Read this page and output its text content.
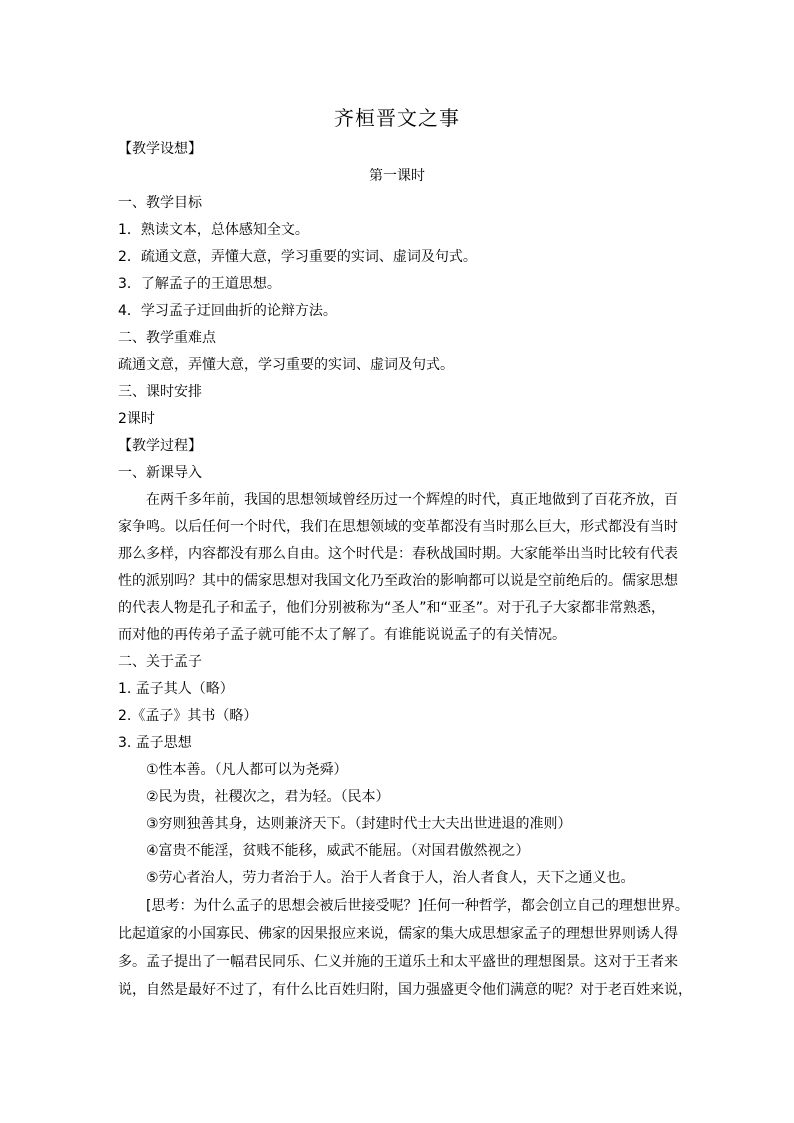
齐桓晋文之事
【教学设想】
第一课时
一、教学目标
1．熟读文本，总体感知全文。
2．疏通文意，弄懂大意，学习重要的实词、虚词及句式。
3．了解孟子的王道思想。
4．学习孟子迂回曲折的论辩方法。
二、教学重难点
疏通文意，弄懂大意，学习重要的实词、虚词及句式。
三、课时安排
2课时
【教学过程】
一、新课导入
在两千多年前，我国的思想领域曾经历过一个辉煌的时代，真正地做到了百花齐放，百
家争鸣。以后任何一个时代，我们在思想领域的变革都没有当时那么巨大，形式都没有当时
那么多样，内容都没有那么自由。这个时代是：春秋战国时期。大家能举出当时比较有代表
性的派别吗？其中的儒家思想对我国文化乃至政治的影响都可以说是空前绝后的。儒家思想
的代表人物是孔子和孟子，他们分别被称为“圣人”和“亚圣”。对于孔子大家都非常熟悉，
而对他的再传弟子孟子就可能不太了解了。有谁能说说孟子的有关情况。
二、关于孟子
1. 孟子其人（略）
2.《孟子》其书（略）
3. 孟子思想
①性本善。（凡人都可以为尧舜）
②民为贵，社稷次之，君为轻。（民本）
③穷则独善其身，达则兼济天下。（封建时代士大夫出世进退的准则）
④富贵不能淫，贫贱不能移，威武不能屈。（对国君傲然视之）
⑤劳心者治人，劳力者治于人。治于人者食于人，治人者食人，天下之通义也。
[思考：为什么孟子的思想会被后世接受呢？]任何一种哲学，都会创立自己的理想世界。
比起道家的小国寡民、佛家的因果报应来说，儒家的集大成思想家孟子的理想世界则诱人得
多。孟子提出了一幅君民同乐、仁义并施的王道乐土和太平盛世的理想图景。这对于王者来
说，自然是最好不过了，有什么比百姓归附，国力强盛更令他们满意的呢？对于老百姓来说，
